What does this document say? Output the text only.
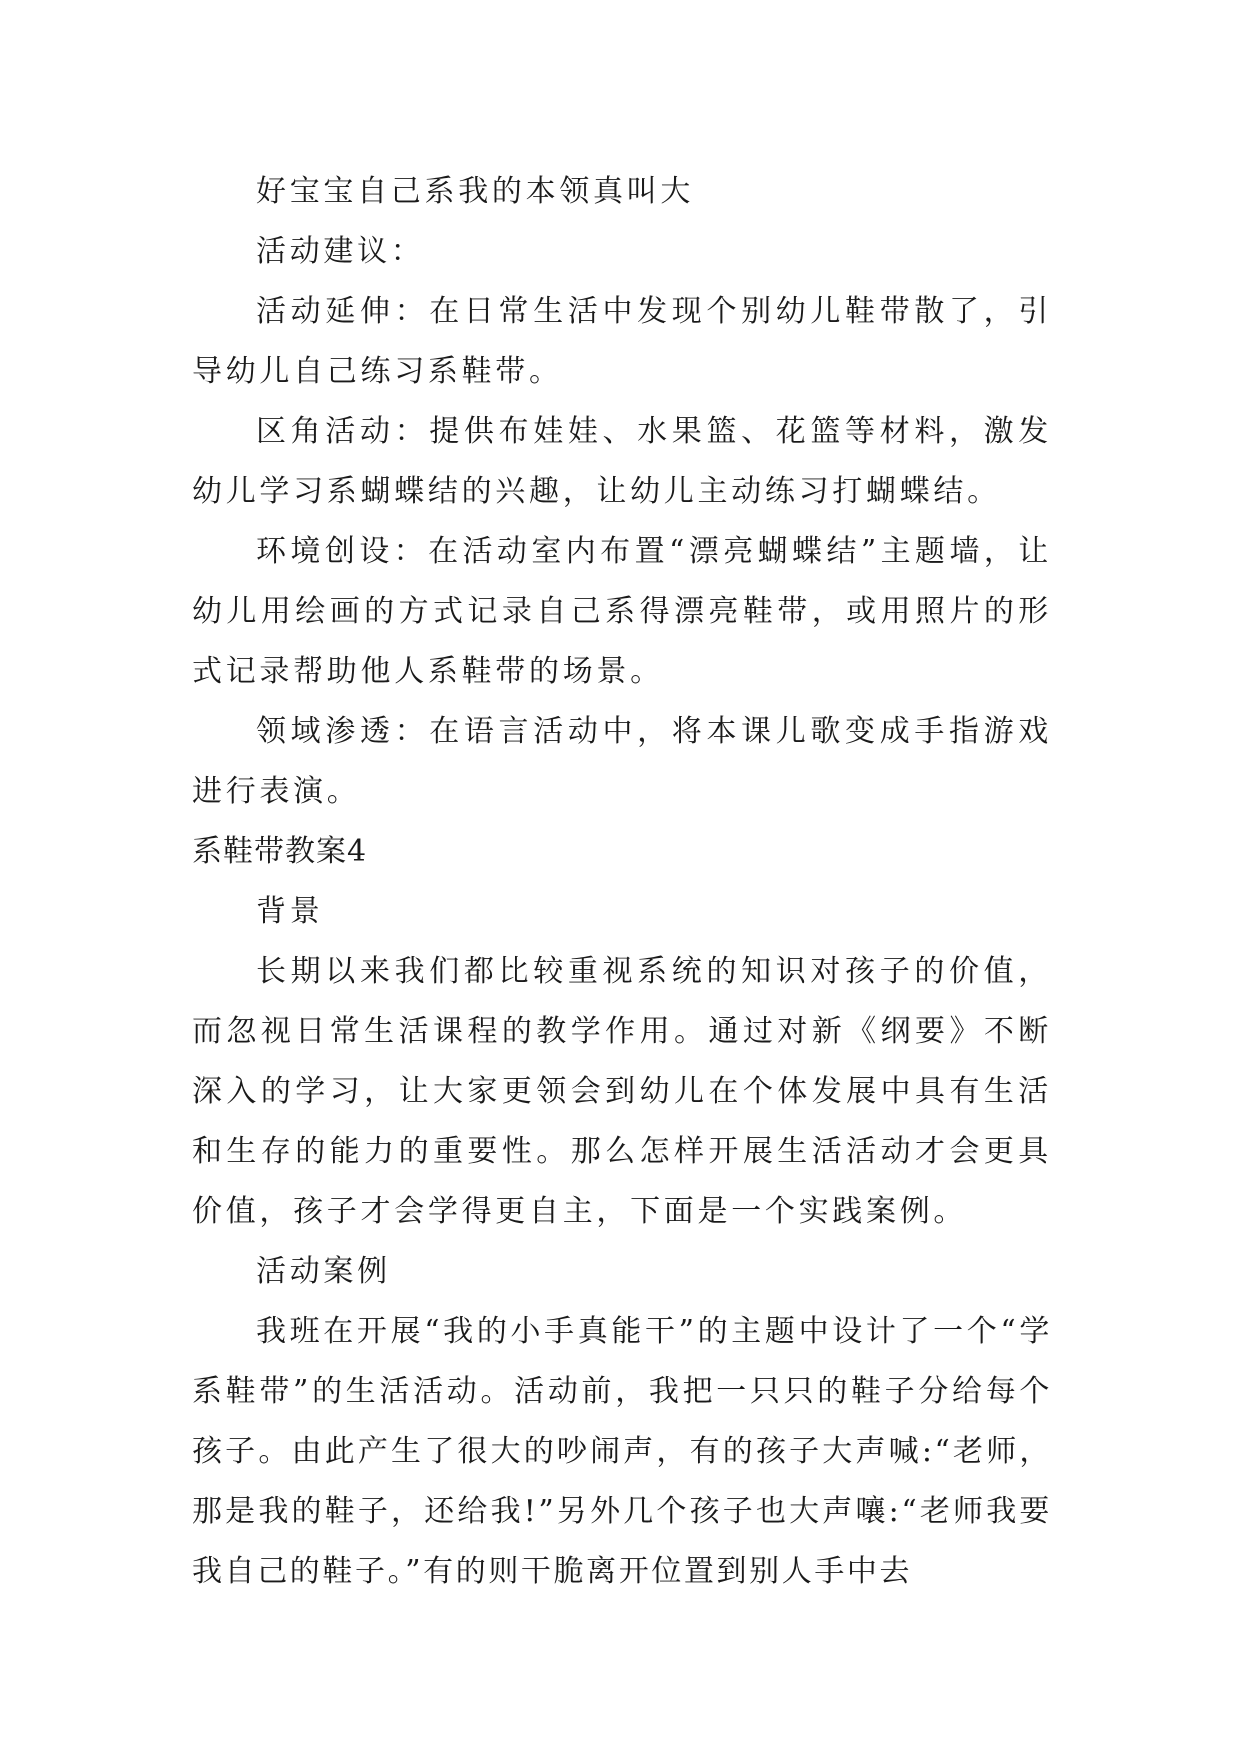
好宝宝自己系我的本领真叫大

活动建议：

活动延伸：在日常生活中发现个别幼儿鞋带散了，引导幼儿自己练习系鞋带。

区角活动：提供布娃娃、水果篮、花篮等材料，激发幼儿学习系蝴蝶结的兴趣，让幼儿主动练习打蝴蝶结。

环境创设：在活动室内布置“漂亮蝴蝶结”主题墙，让幼儿用绘画的方式记录自己系得漂亮鞋带，或用照片的形式记录帮助他人系鞋带的场景。

领域渗透：在语言活动中，将本课儿歌变成手指游戏进行表演。

系鞋带教案4

背景

长期以来我们都比较重视系统的知识对孩子的价值，而忽视日常生活课程的教学作用。通过对新《纲要》不断深入的学习，让大家更领会到幼儿在个体发展中具有生活和生存的能力的重要性。那么怎样开展生活活动才会更具价值，孩子才会学得更自主，下面是一个实践案例。

活动案例

我班在开展“我的小手真能干”的主题中设计了一个“学系鞋带”的生活活动。活动前，我把一只只的鞋子分给每个孩子。由此产生了很大的吵闹声，有的孩子大声喊:“老师，那是我的鞋子，还给我!”另外几个孩子也大声嚷:“老师我要我自己的鞋子。”有的则干脆离开位置到别人手中去
